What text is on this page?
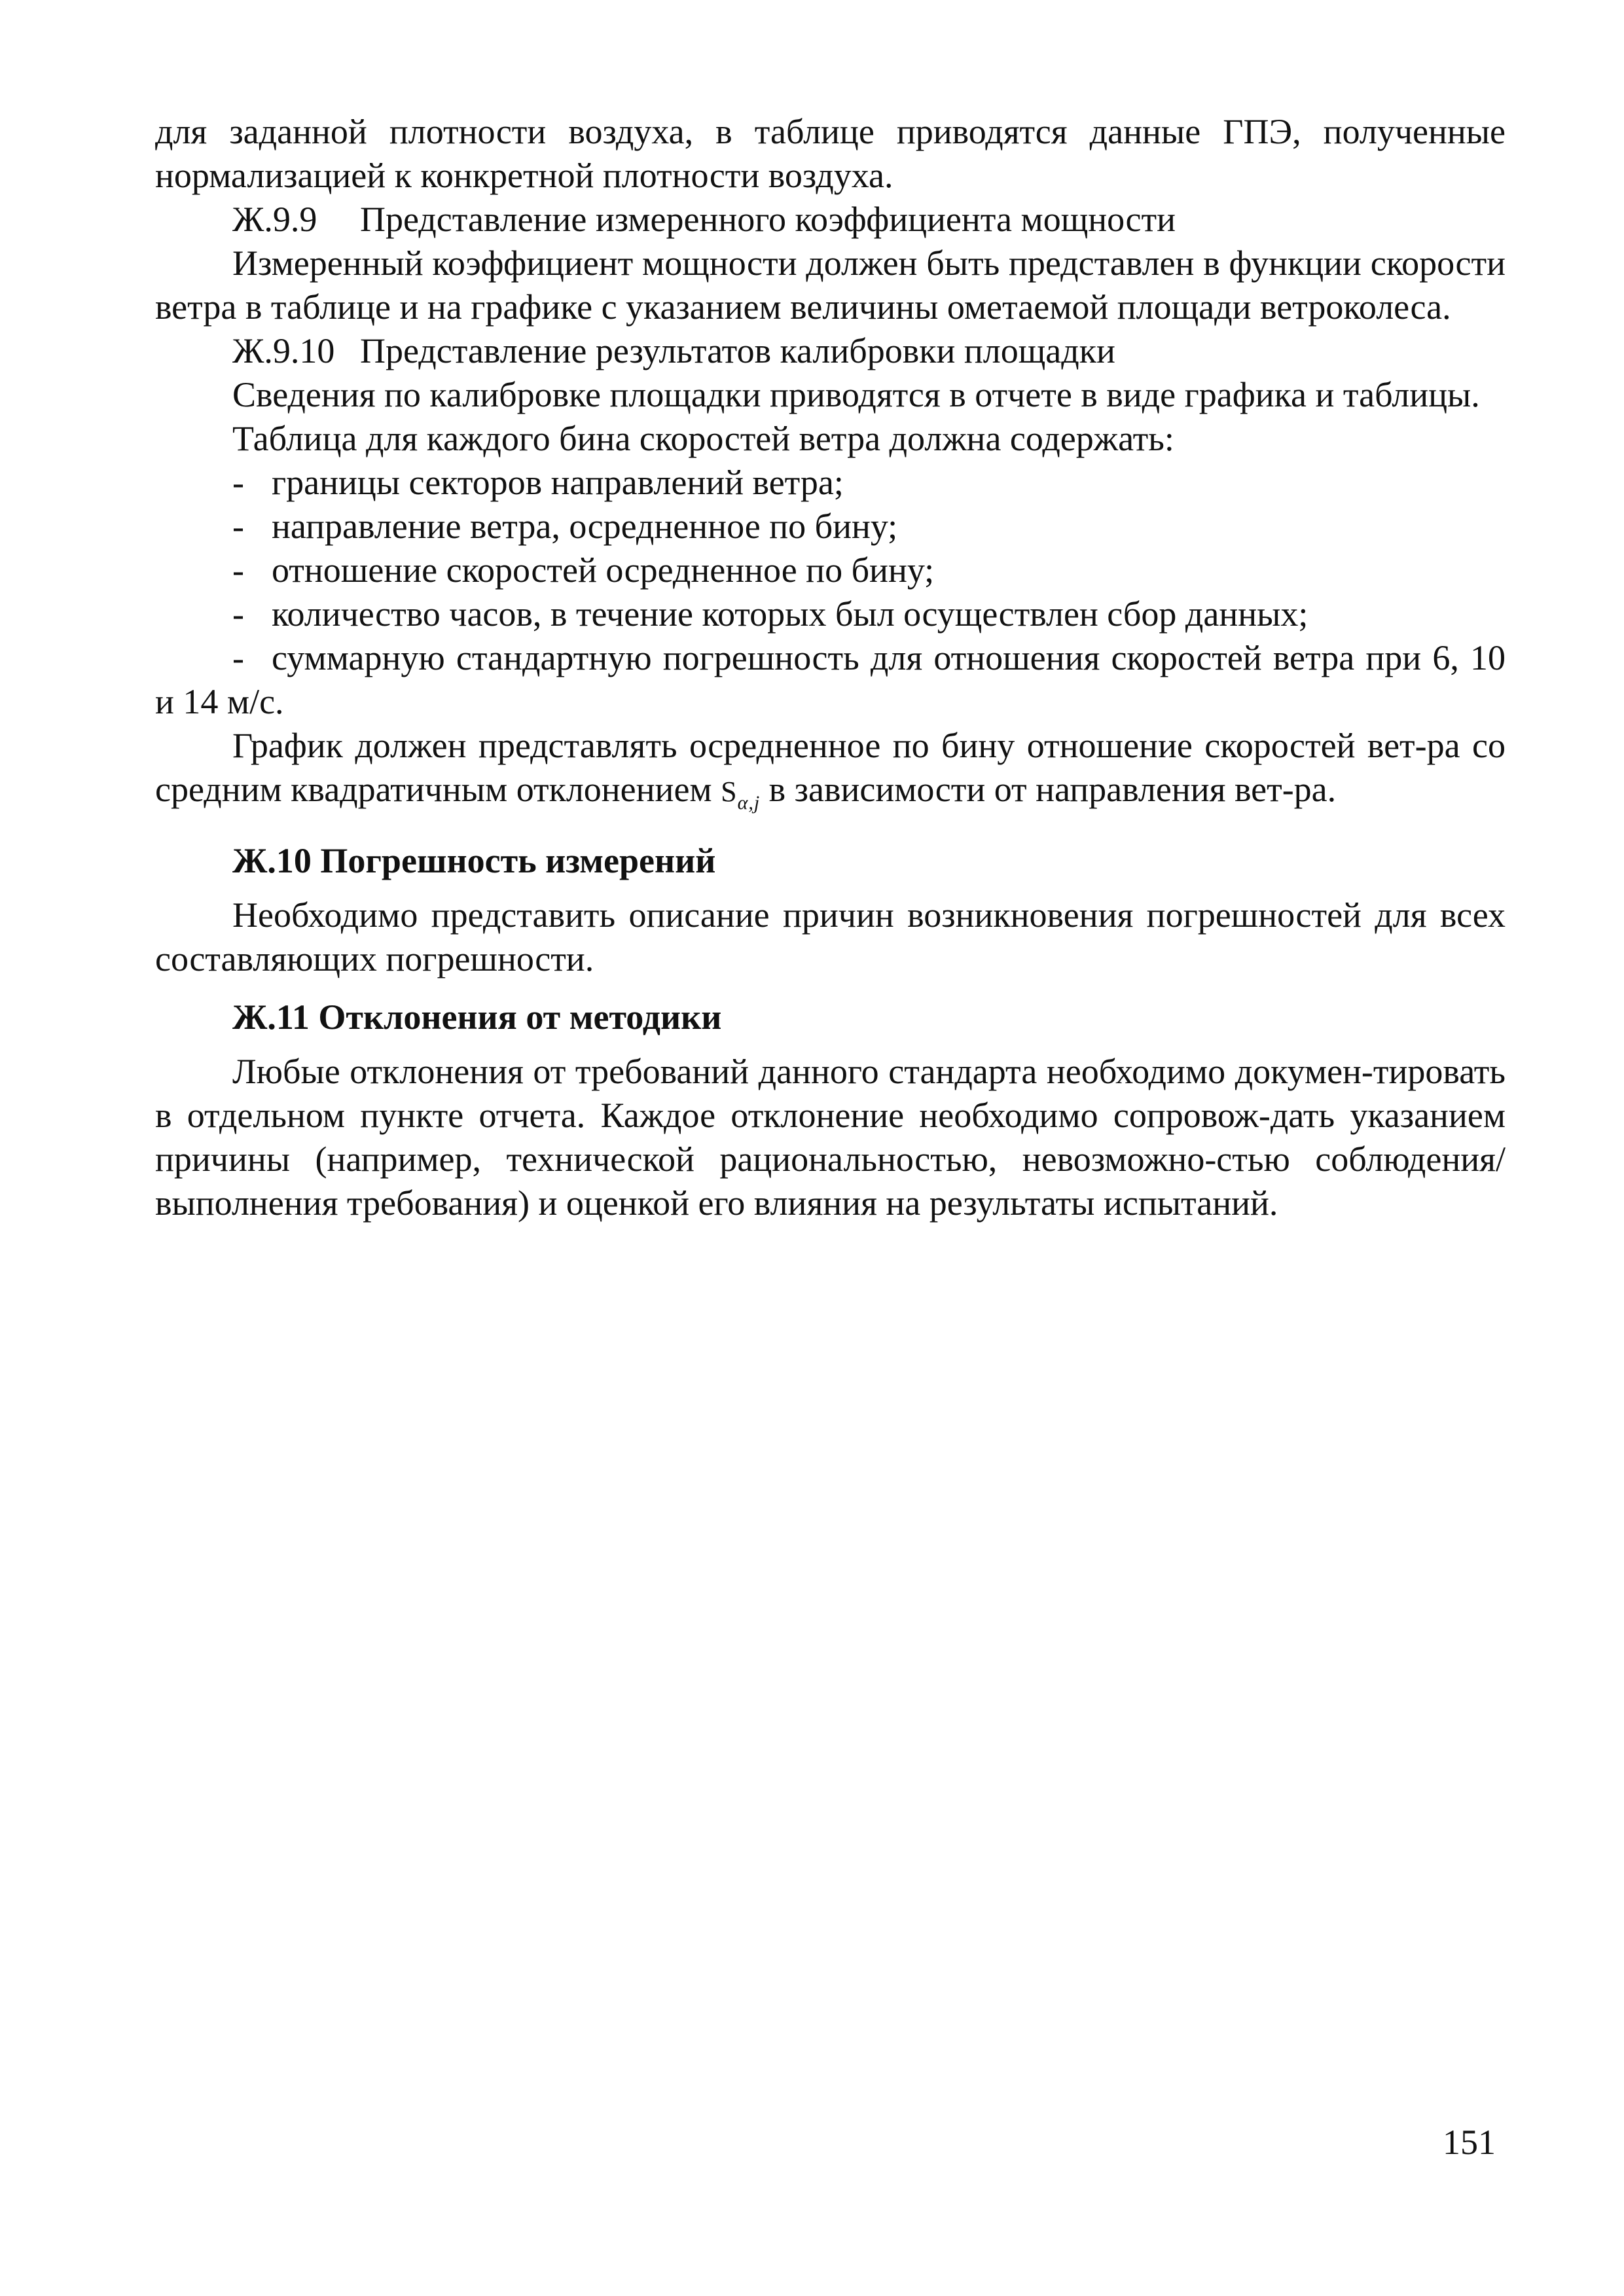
для заданной плотности воздуха, в таблице приводятся данные ГПЭ, полученные нормализацией к конкретной плотности воздуха.

Ж.9.9 Представление измеренного коэффициента мощности

Измеренный коэффициент мощности должен быть представлен в функции скорости ветра в таблице и на графике с указанием величины ометаемой площади ветроколеса.

Ж.9.10 Представление результатов калибровки площадки

Сведения по калибровке площадки приводятся в отчете в виде графика и таблицы.

Таблица для каждого бина скоростей ветра должна содержать:

- границы секторов направлений ветра;

- направление ветра, осредненное по бину;

- отношение скоростей осредненное по бину;

- количество часов, в течение которых был осуществлен сбор данных;

- суммарную стандартную погрешность для отношения скоростей ветра при 6, 10 и 14 м/с.

График должен представлять осредненное по бину отношение скоростей вет-ра со средним квадратичным отклонением $S_{\alpha,j}$ в зависимости от направления вет-ра.

Ж.10 Погрешность измерений

Необходимо представить описание причин возникновения погрешностей для всех составляющих погрешности.

Ж.11 Отклонения от методики

Любые отклонения от требований данного стандарта необходимо докумен-тировать в отдельном пункте отчета. Каждое отклонение необходимо сопровож-дать указанием причины (например, технической рациональностью, невозможно-стью соблюдения/выполнения требования) и оценкой его влияния на результаты испытаний.

151
